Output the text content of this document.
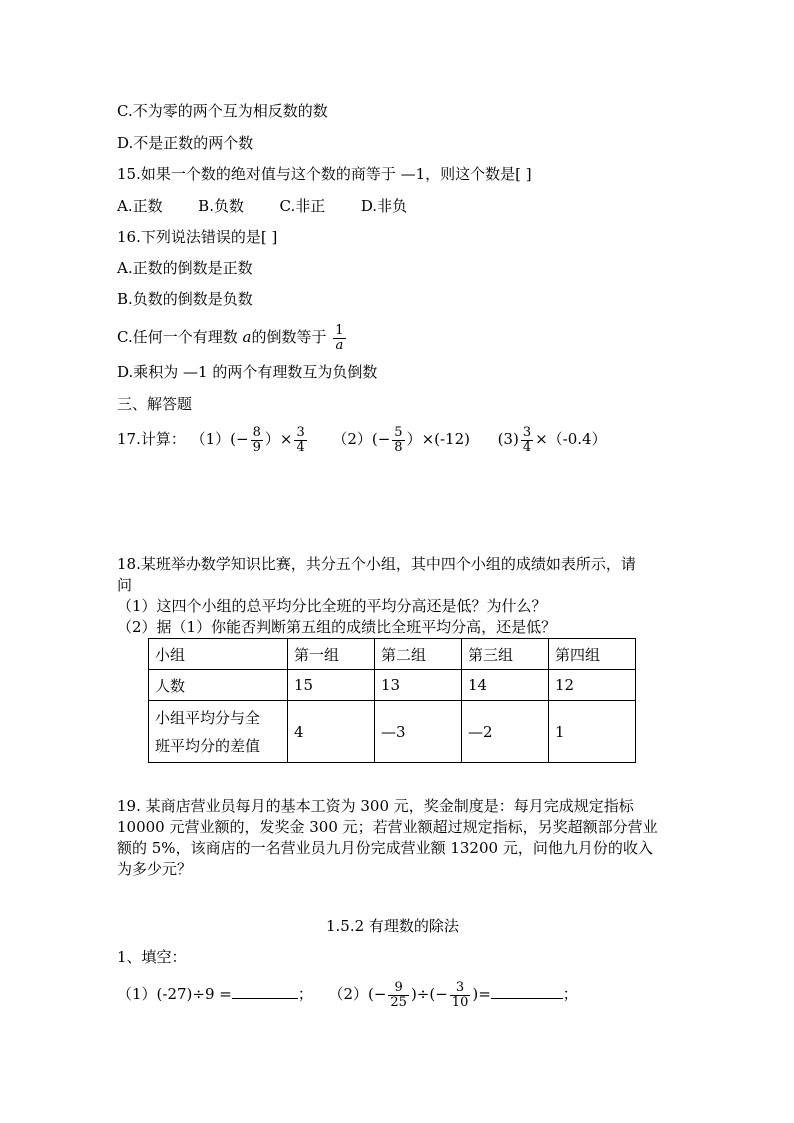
C.不为零的两个互为相反数的数
D.不是正数的两个数
15.如果一个数的绝对值与这个数的商等于 —1，则这个数是[ ]
A.正数 B.负数 C.非正 D.非负
16.下列说法错误的是[ ]
A.正数的倒数是正数
B.负数的倒数是负数
C.任何一个有理数 a的倒数等于 $\frac{1}{a}$
D.乘积为 —1 的两个有理数互为负倒数
三、解答题
17.计算： $(1)(- \frac{8}{9}$ ）× $\frac{3}{4} (2)(- \frac{5}{8} )\times(-12)$ $(3) \frac{3}{4} \times(-0.4)$
18.某班举办数学知识比赛，共分五个小组，其中四个小组的成绩如表所示，请
问
（1）这四个小组的总平均分比全班的平均分高还是低？为什么？
（2）据（1）你能否判断第五组的成绩比全班平均分高，还是低？
小组	第一组	第二组	第三组	第四组
人数	15	13	14	12

小组平均分与全
班平均分的差值	4	—3	—2	1
19. 某商店营业员每月的基本工资为 300 元，奖金制度是：每月完成规定指标
10000 元营业额的，发奖金 300 元；若营业额超过规定指标，另奖超额部分营业
额的 5%，该商店的一名营业员九月份完成营业额 13200 元，问他九月份的收入
为多少元？
1.5.2 有理数的除法
1、填空：
（1）(-27)÷9 =	； $(2)(- \frac{9}{25}$ )÷(− $\frac{3}{10}$ )=	；
